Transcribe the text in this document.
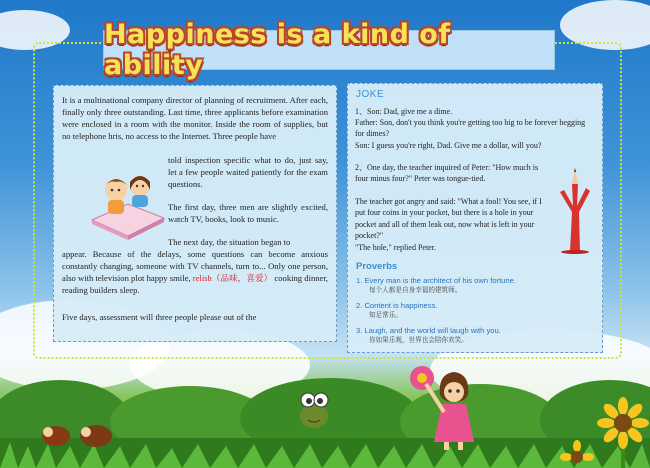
Happiness is a kind of ability
It is a multinational company director of planning of recruitment. After each, finally only three outstanding. Last time, three applicants before examination were enclosed in a room with the monitor. Inside the room of supplies, but no telephone hris, no access to the Internet. Three people have
told inspection specific what to do, just say, let a few people waited patiently for the exam questions.
The first day, three men are slightly excited, watch TV, books, look to music.
The next day, the situation began to
appear. Because of the delays, some questions can become anxious constantly changing, someone with TV channels, turn to... Only one person, also with television plot happy smile, relish（品味，喜爱） cooking dinner, reading builders sleep.
Five days, assessment will three people please out of the
JOKE
1、Son: Dad, give me a dime.
Father: Son, don't you think you're getting too big to be forever begging for dimes?
Son: I guess you're right, Dad. Give me a dollar, will you?
2、One day, the teacher inquired of Peter: "How much is four minus four?" Peter was tongue-tied.
The teacher got angry and said: "What a fool! You see, if I put four coins in your pocket, but there is a hole in your pocket and all of them leak out, now what is left in your pocket?"
"The hole," replied Peter.
Proverbs
1. Every man is the architect of his own fortune.
每个人都是自身幸福的建筑师。
2. Content is happiness.
知足常乐。
3. Laugh, and the world will laugh with you.
你如果乐观，世界也会陪你欢笑。
